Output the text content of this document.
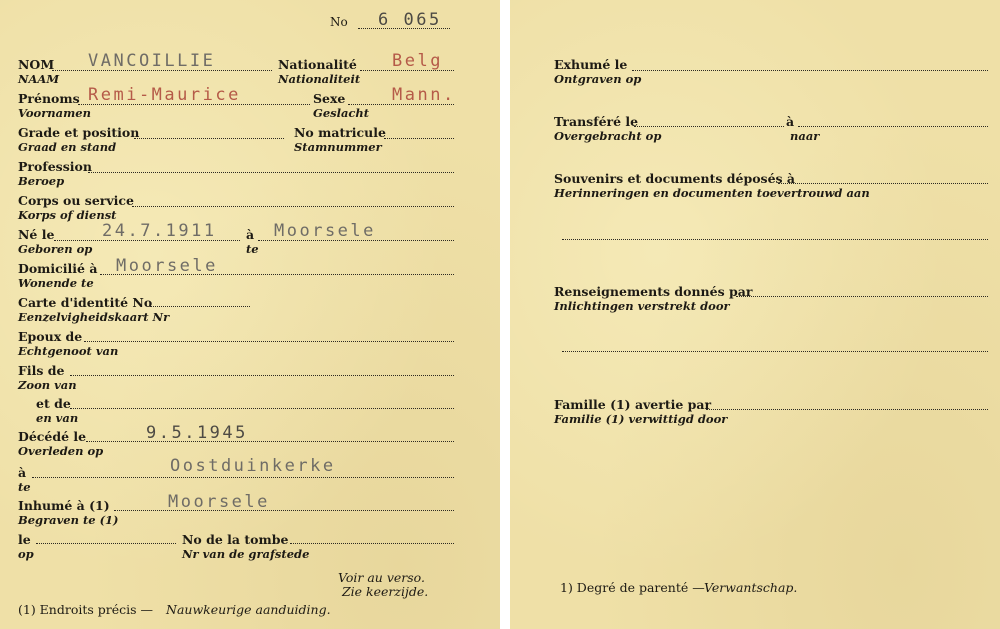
No 6 065
NOM
NAAM
VANCOILLIE	Nationalité
Nationaliteit
Belg
Prénoms
Voornamen
Remi-Maurice	Sexe
Geslacht
Mann.
Grade et position
Graad en stand
No matricule
Stamnummer
Profession
Beroep
Corps ou service
Korps of dienst
Né le
Geboren op
24.7.1911 à
te
Moorsele
Domicilié à
Wonende te
Moorsele
Carte d'identité No
Eenzelvigheidskaart Nr
Epoux de
Echtgenoot van
Fils de
Zoon van
et de
en van
Décédé le
Overleden op
9.5.1945
à
te
Oostduinkerke
Inhumé à (1)
Begraven te (1)
Moorsele
le
op
No de la tombe
Nr van de grafstede
Voir au verso.
Zie keerzijde.
(1) Endroits précis — Nauwkeurige aanduiding.
Exhumé le
Ontgraven op
Transféré le
Overgebracht op
à
naar
Souvenirs et documents déposés à
Herinneringen en documenten toevertrouwd aan
Renseignements donnés par
Inlichtingen verstrekt door
Famille (1) avertie par
Familie (1) verwittigd door
1) Degré de parenté — Verwantschap.
